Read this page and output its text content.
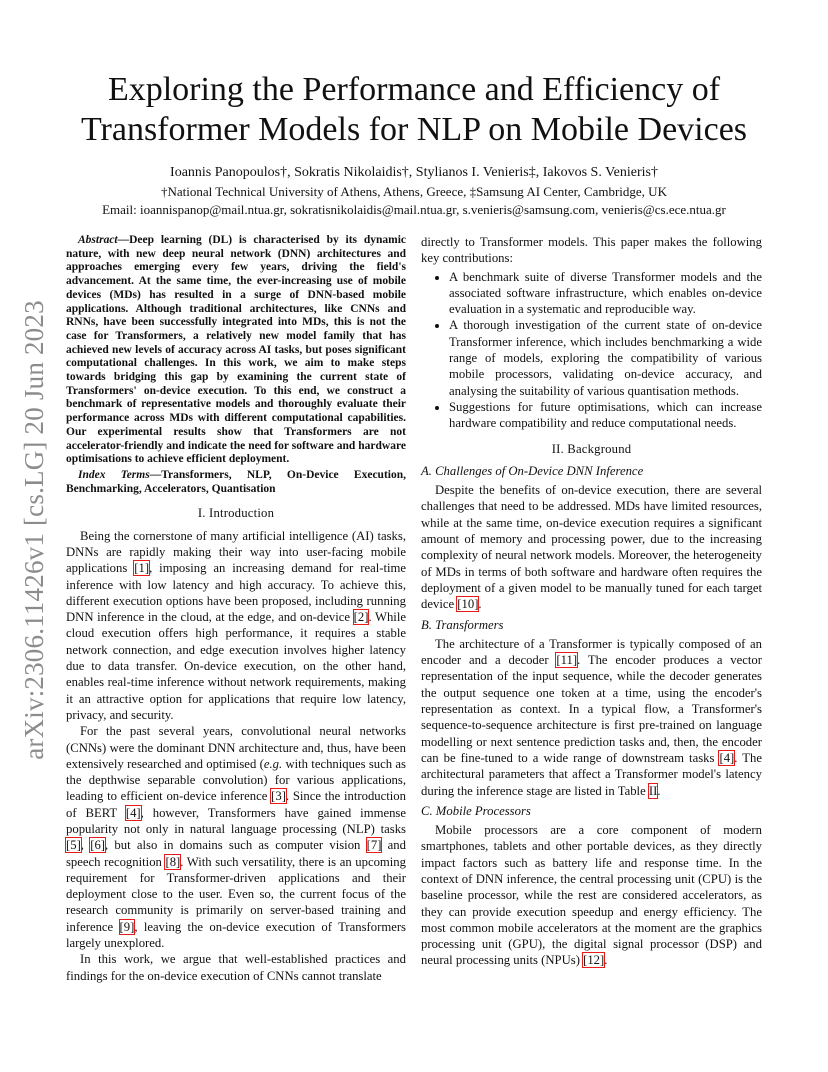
arXiv:2306.11426v1 [cs.LG] 20 Jun 2023
Exploring the Performance and Efficiency of
Transformer Models for NLP on Mobile Devices
Ioannis Panopoulos†, Sokratis Nikolaidis†, Stylianos I. Venieris‡, Iakovos S. Venieris†
†National Technical University of Athens, Athens, Greece, ‡Samsung AI Center, Cambridge, UK
Email: ioannispanop@mail.ntua.gr, sokratisnikolaidis@mail.ntua.gr, s.venieris@samsung.com, venieris@cs.ece.ntua.gr

Abstract—Deep learning (DL) is characterised by its dynamic nature, with new deep neural network (DNN) architectures and approaches emerging every few years, driving the field's advancement. At the same time, the ever-increasing use of mobile devices (MDs) has resulted in a surge of DNN-based mobile applications. Although traditional architectures, like CNNs and RNNs, have been successfully integrated into MDs, this is not the case for Transformers, a relatively new model family that has achieved new levels of accuracy across AI tasks, but poses significant computational challenges. In this work, we aim to make steps towards bridging this gap by examining the current state of Transformers' on-device execution. To this end, we construct a benchmark of representative models and thoroughly evaluate their performance across MDs with different computational capabilities. Our experimental results show that Transformers are not accelerator-friendly and indicate the need for software and hardware optimisations to achieve efficient deployment.

Index Terms—Transformers, NLP, On-Device Execution, Benchmarking, Accelerators, Quantisation

I. Introduction

Being the cornerstone of many artificial intelligence (AI) tasks, DNNs are rapidly making their way into user-facing mobile applications [1], imposing an increasing demand for real-time inference with low latency and high accuracy. To achieve this, different execution options have been proposed, including running DNN inference in the cloud, at the edge, and on-device [2]. While cloud execution offers high performance, it requires a stable network connection, and edge execution involves higher latency due to data transfer. On-device execution, on the other hand, enables real-time inference without network requirements, making it an attractive option for applications that require low latency, privacy, and security.

For the past several years, convolutional neural networks (CNNs) were the dominant DNN architecture and, thus, have been extensively researched and optimised (e.g. with techniques such as the depthwise separable convolution) for various applications, leading to efficient on-device inference [3]. Since the introduction of BERT [4], however, Transformers have gained immense popularity not only in natural language processing (NLP) tasks [5], [6], but also in domains such as computer vision [7] and speech recognition [8]. With such versatility, there is an upcoming requirement for Transformer-driven applications and their deployment close to the user. Even so, the current focus of the research community is primarily on server-based training and inference [9], leaving the on-device execution of Transformers largely unexplored.

In this work, we argue that well-established practices and findings for the on-device execution of CNNs cannot translate

directly to Transformer models. This paper makes the following key contributions:

• A benchmark suite of diverse Transformer models and the associated software infrastructure, which enables on-device evaluation in a systematic and reproducible way.
• A thorough investigation of the current state of on-device Transformer inference, which includes benchmarking a wide range of models, exploring the compatibility of various mobile processors, validating on-device accuracy, and analysing the suitability of various quantisation methods.
• Suggestions for future optimisations, which can increase hardware compatibility and reduce computational needs.
II. Background
A. Challenges of On-Device DNN Inference

Despite the benefits of on-device execution, there are several challenges that need to be addressed. MDs have limited resources, while at the same time, on-device execution requires a significant amount of memory and processing power, due to the increasing complexity of neural network models. Moreover, the heterogeneity of MDs in terms of both software and hardware often requires the deployment of a given model to be manually tuned for each target device [10].

B. Transformers

The architecture of a Transformer is typically composed of an encoder and a decoder [11]. The encoder produces a vector representation of the input sequence, while the decoder generates the output sequence one token at a time, using the encoder's representation as context. In a typical flow, a Transformer's sequence-to-sequence architecture is first pre-trained on language modelling or next sentence prediction tasks and, then, the encoder can be fine-tuned to a wide range of downstream tasks [4]. The architectural parameters that affect a Transformer model's latency during the inference stage are listed in Table II.

C. Mobile Processors

Mobile processors are a core component of modern smartphones, tablets and other portable devices, as they directly impact factors such as battery life and response time. In the context of DNN inference, the central processing unit (CPU) is the baseline processor, while the rest are considered accelerators, as they can provide execution speedup and energy efficiency. The most common mobile accelerators at the moment are the graphics processing unit (GPU), the digital signal processor (DSP) and neural processing units (NPUs) [12].
